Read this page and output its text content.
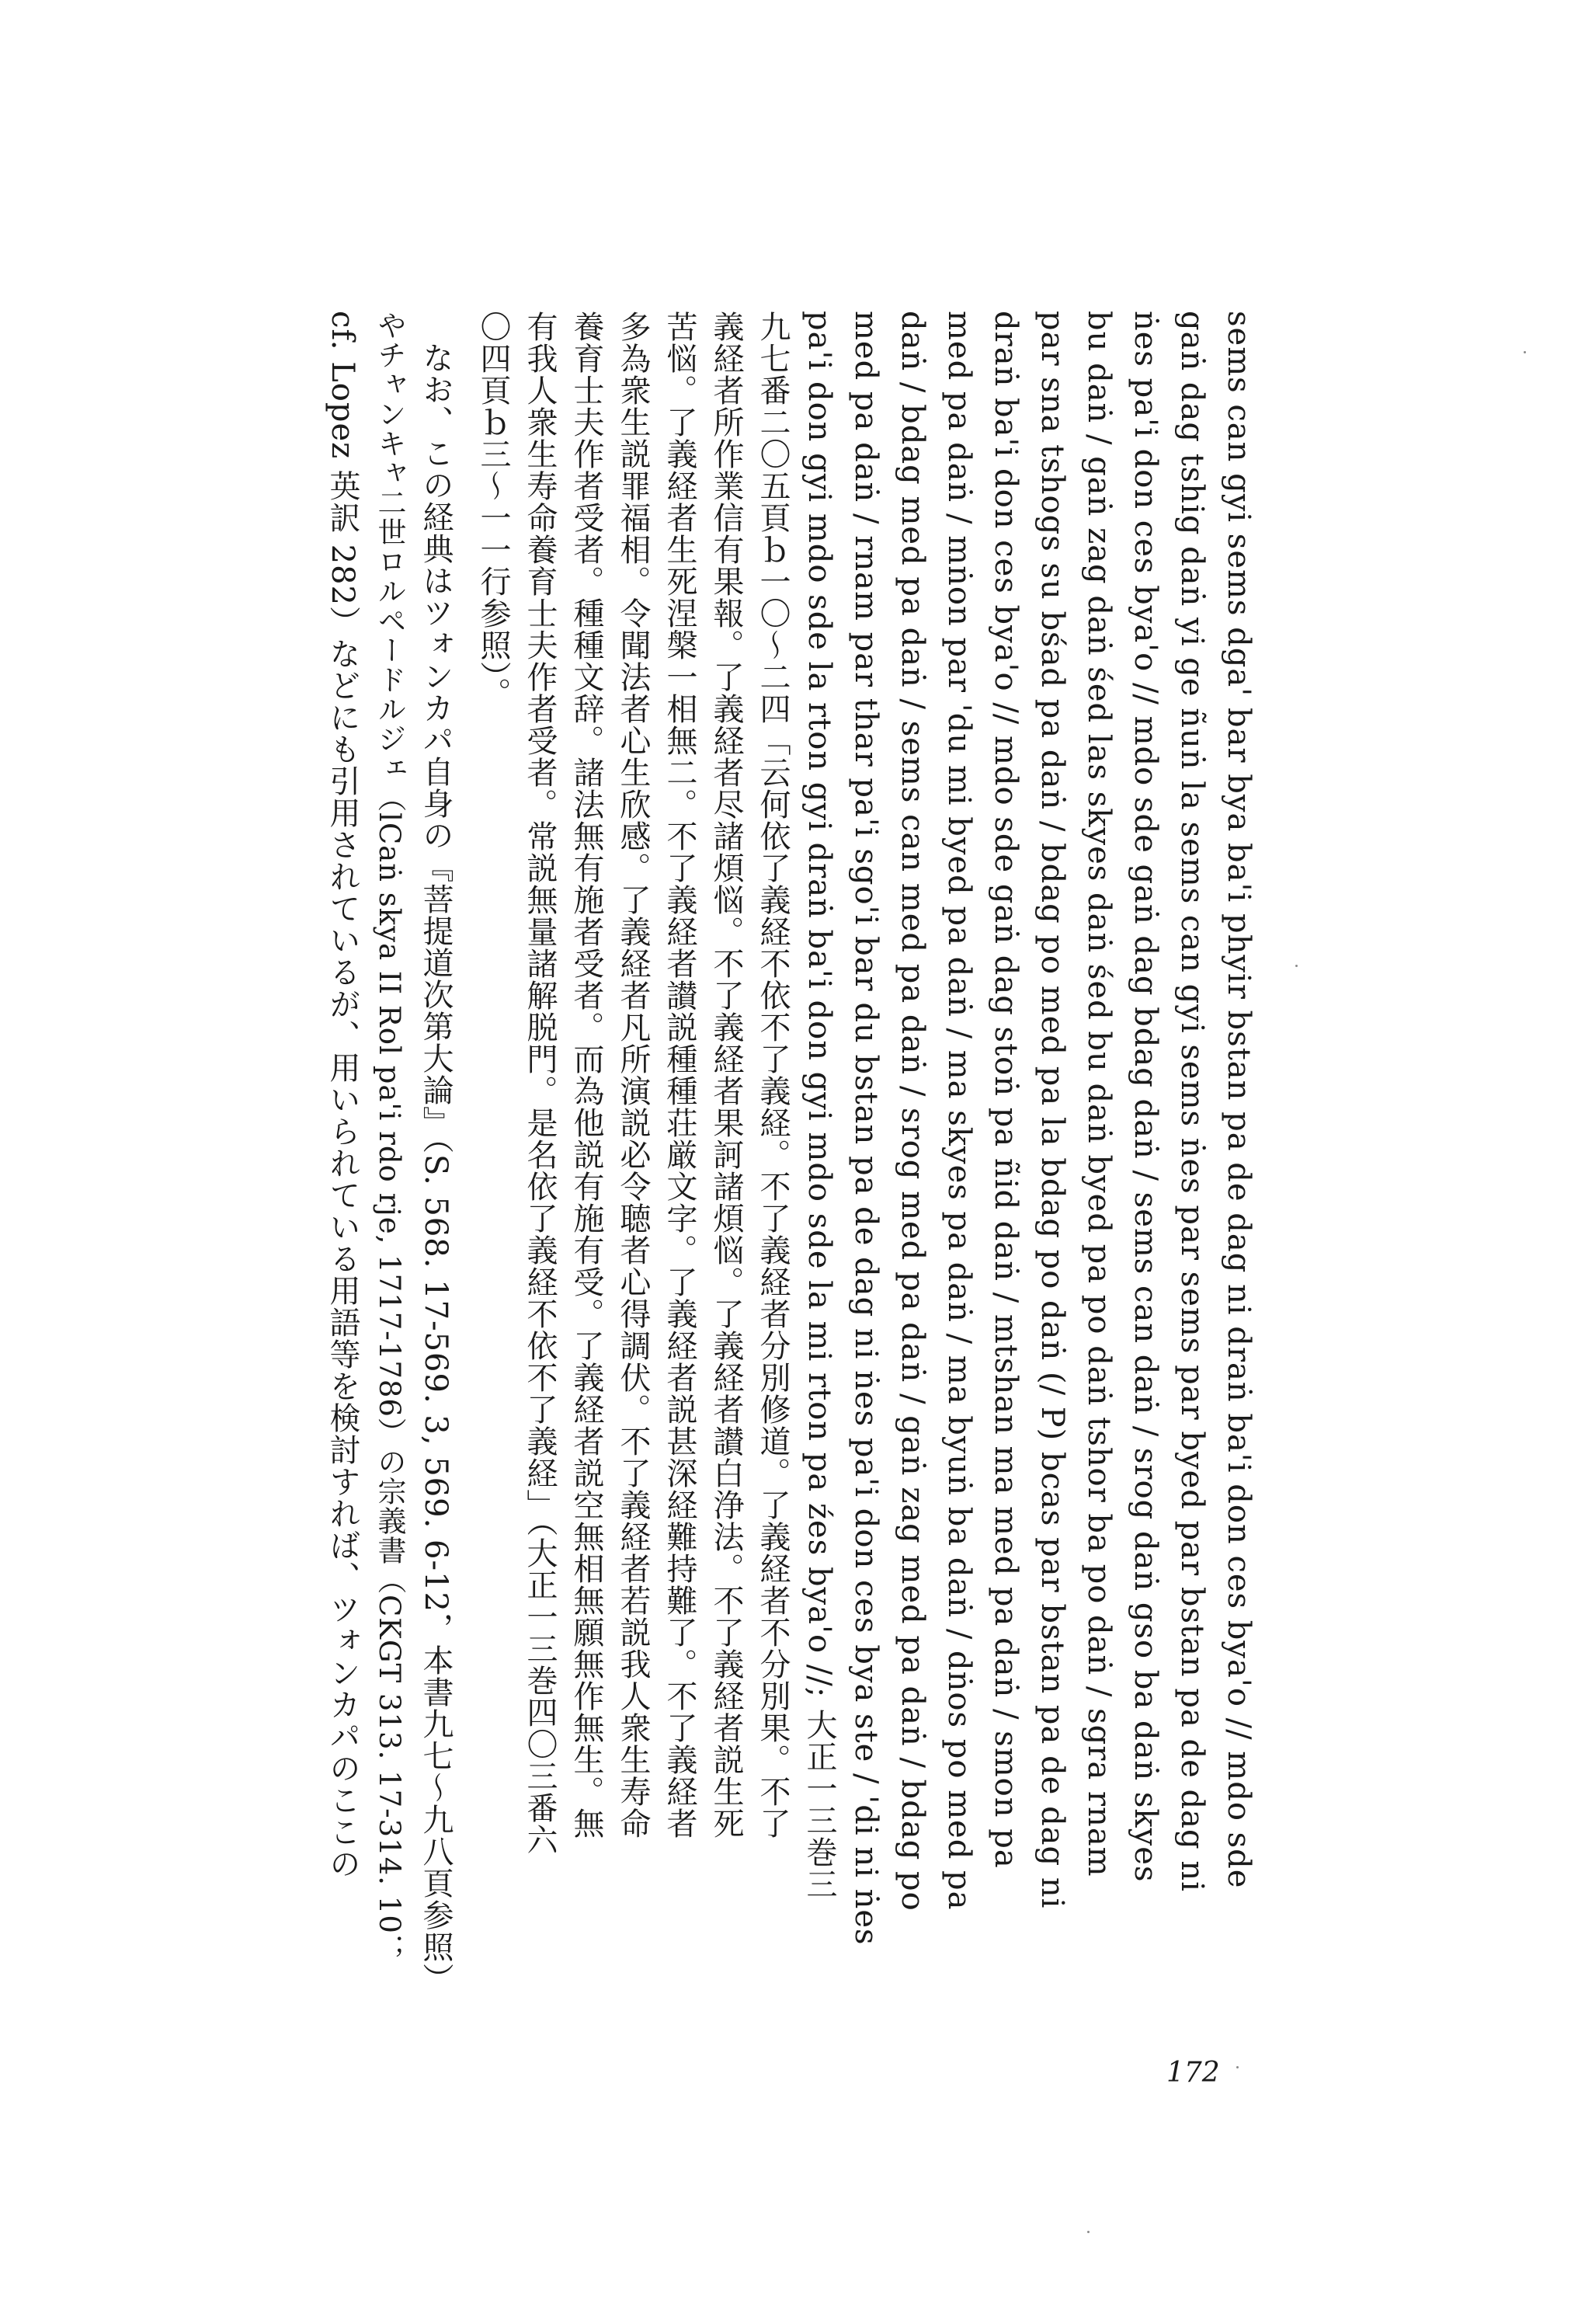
sems can gyi sems dga' bar bya ba'i phyir bstan pa de dag ni draṅ ba'i don ces bya'o // mdo sde

gaṅ dag tshig daṅ yi ge ñuṅ la sems can gyi sems ṅes par sems par byed par bstan pa de dag ni

ṅes pa'i don ces bya'o // mdo sde gaṅ dag bdag daṅ / sems can daṅ / srog daṅ gso ba daṅ skyes

bu daṅ / gaṅ zag daṅ śed las skyes daṅ śed bu daṅ byed pa po daṅ tshor ba po daṅ / sgra rnam

par sna tshogs su bśad pa daṅ / bdag po med pa la bdag po daṅ (/ P) bcas par bstan pa de dag ni

draṅ ba'i don ces bya'o // mdo sde gaṅ dag stoṅ pa ñid daṅ / mtshan ma med pa daṅ / smon pa

med pa daṅ / mṅon par 'du mi byed pa daṅ / ma skyes pa daṅ / ma byuṅ ba daṅ / dṅos po med pa

daṅ / bdag med pa daṅ / sems can med pa daṅ / srog med pa daṅ / gaṅ zag med pa daṅ / bdag po

med pa daṅ / rnam par thar pa'i sgo'i bar du bstan pa de dag ni ṅes pa'i don ces bya ste / 'di ni ṅes

pa'i don gyi mdo sde la rton gyi draṅ ba'i don gyi mdo sde la mi rton pa źes bya'o //; 大正一三巻三

九七番二〇五頁ｂ一〇〜二四「云何依了義経不依不了義経。不了義経者分別修道。了義経者不分別果。不了

義経者所作業信有果報。了義経者尽諸煩悩。不了義経者果訶諸煩悩。了義経者讃白浄法。不了義経者説生死

苦悩。了義経者生死涅槃一相無二。不了義経者讃説種種荘厳文字。了義経者説甚深経難持難了。不了義経者

多為衆生説罪福相。令聞法者心生欣感。了義経者凡所演説必令聴者心得調伏。不了義経者若説我人衆生寿命

養育士夫作者受者。種種文辞。諸法無有施者受者。而為他説有施有受。了義経者説空無相無願無作無生。無

有我人衆生寿命養育士夫作者受者。常説無量諸解脱門。是名依了義経不依不了義経」（大正一三巻四〇三番六

〇四頁ｂ三〜一一行参照）。

なお、この経典はツォンカパ自身の『菩提道次第大論』（S. 568. 17-569. 3, 569. 6-12，本書九七〜九八頁参照）

やチャンキャ二世ロルペードルジェ（lCaṅ skya II Rol pa'i rdo rje, 1717-1786）の宗義書（CKGT 313. 17-314. 10；

cf. Lopez 英訳 282）などにも引用されているが、用いられている用語等を検討すれば、ツォンカパのここの

172
